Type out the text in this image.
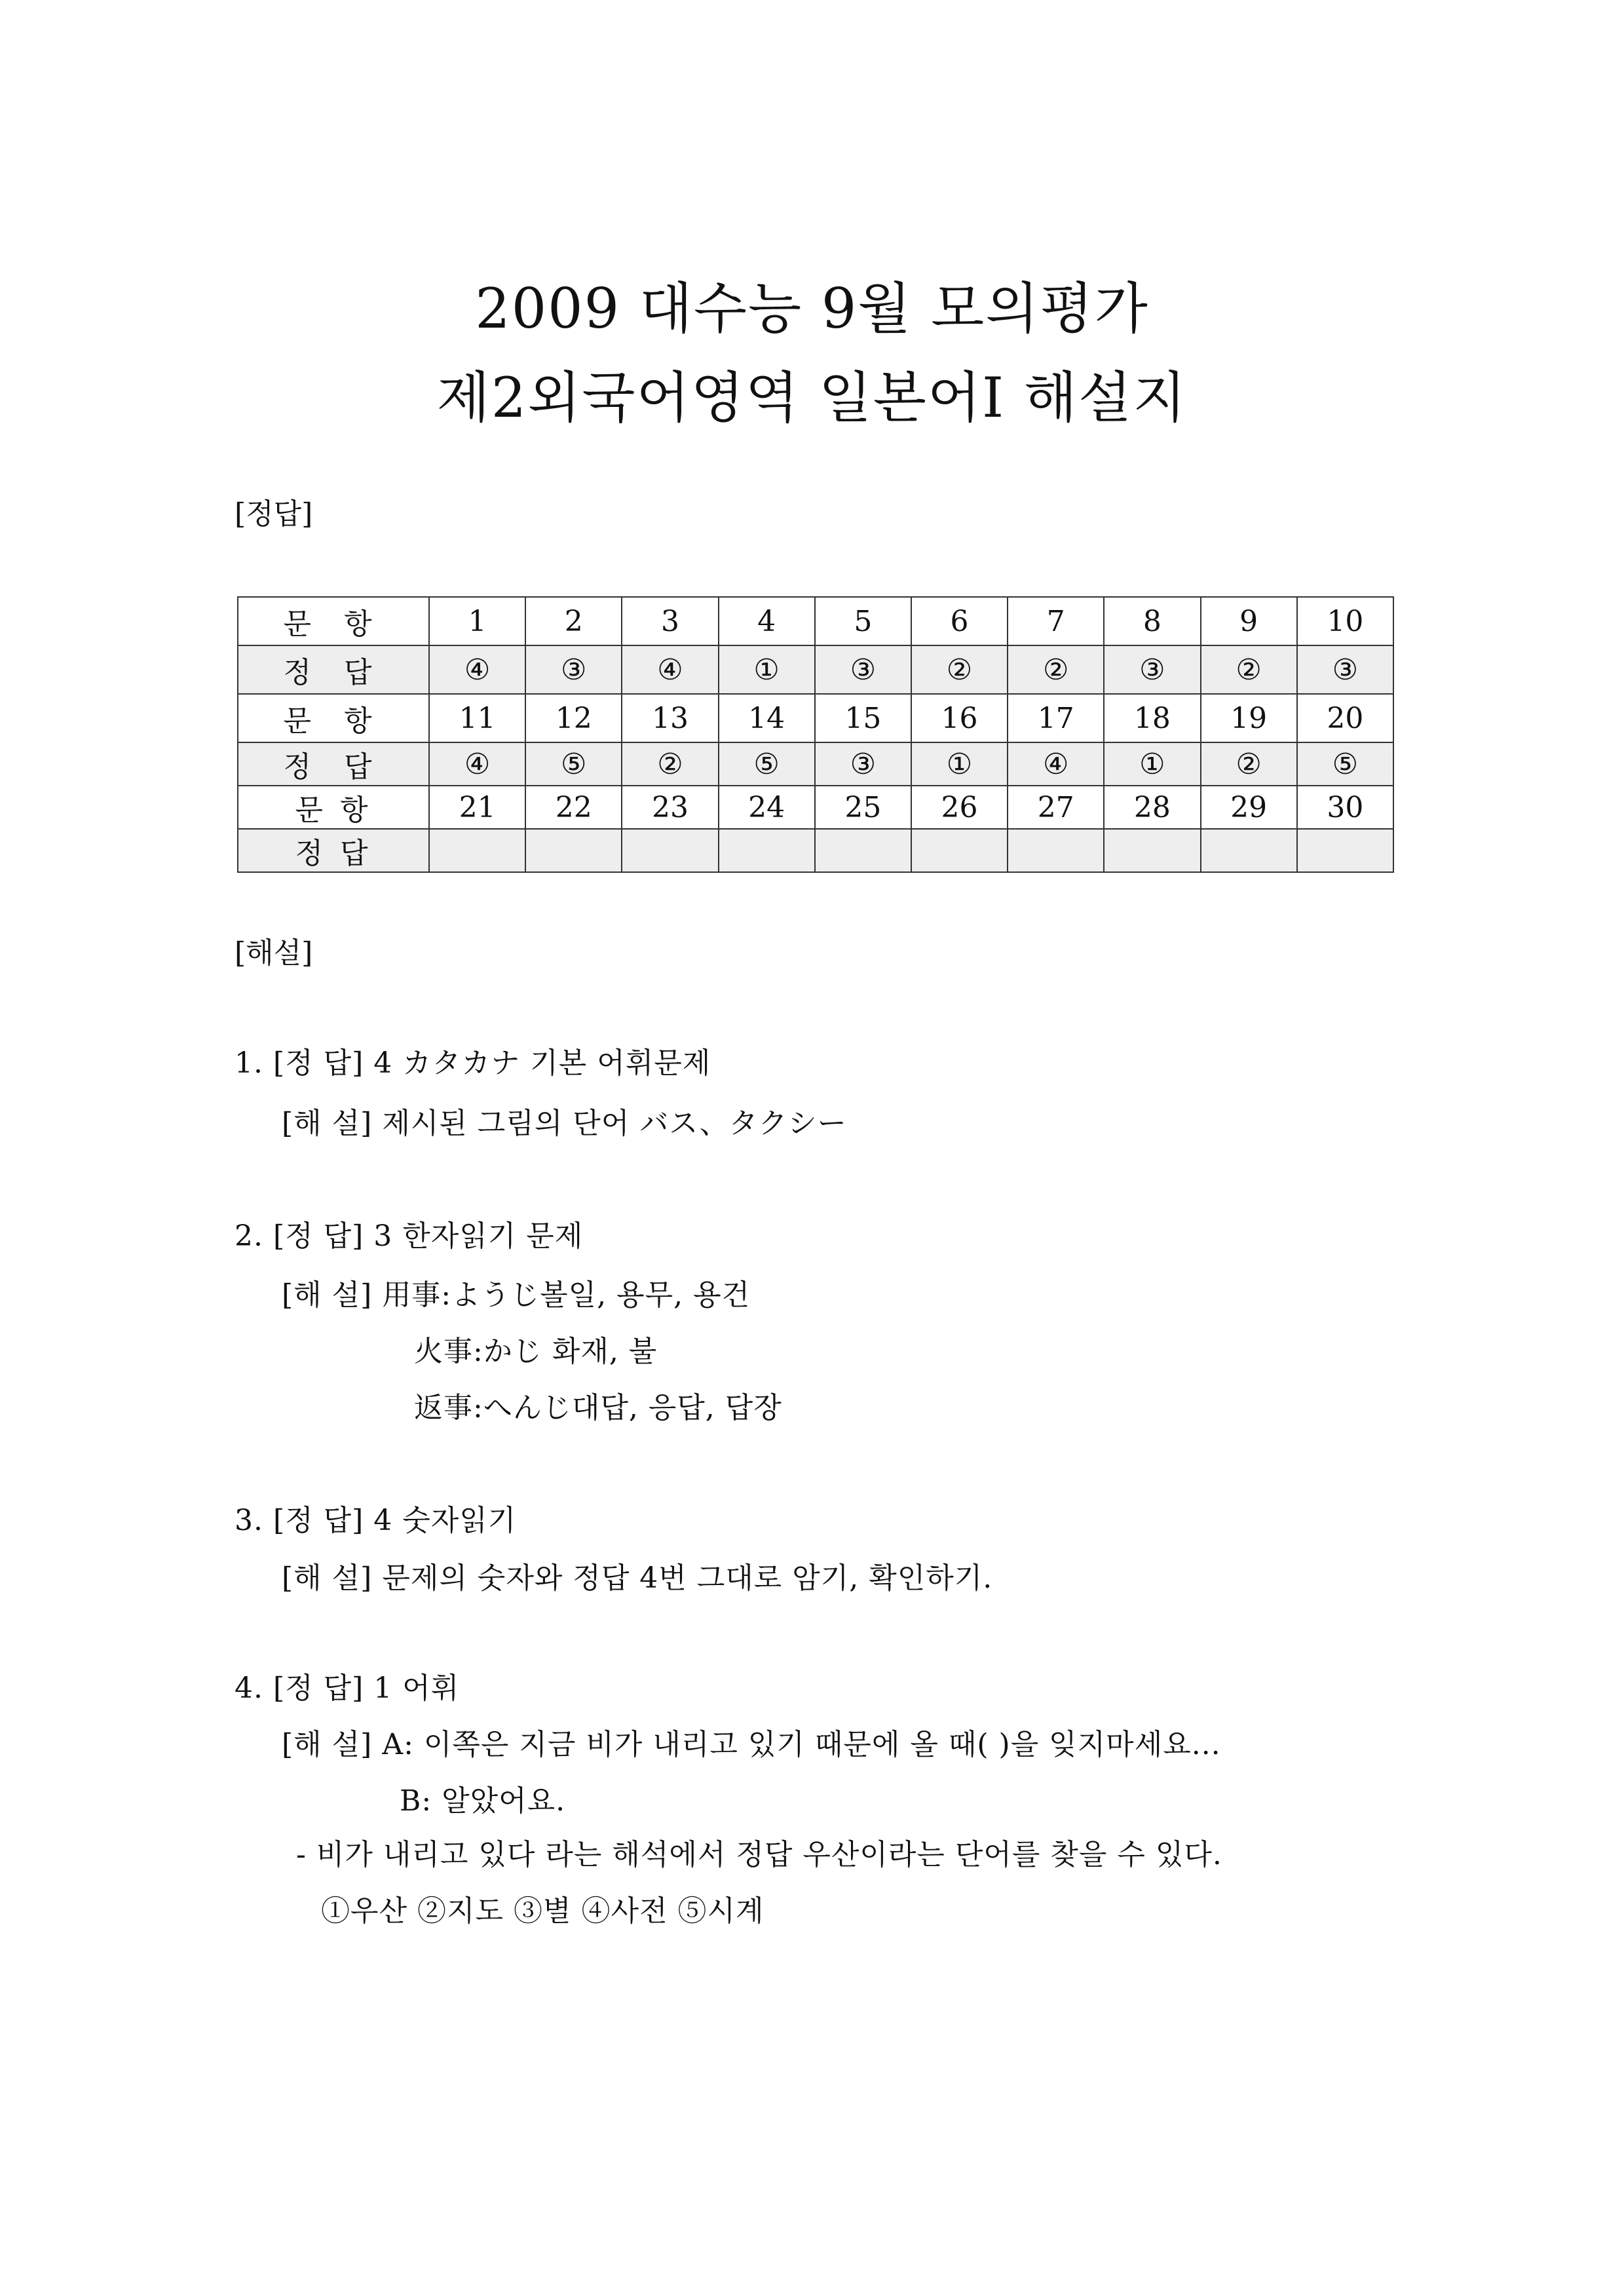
2009 대수능 9월 모의평가
제2외국어영역 일본어Ⅰ 해설지
[정답]
문 항	1	2	3	4	5	6	7	8	9	10
정 답	④	③	④	①	③	②	②	③	②	③
문 항	11	12	13	14	15	16	17	18	19	20
정 답	④	⑤	②	⑤	③	①	④	①	②	⑤
문 항	21	22	23	24	25	26	27	28	29	30
정 답										
[해설]
1. [정 답] 4 カタカナ 기본 어휘문제
[해 설] 제시된 그림의 단어 バス、タクシー
2. [정 답] 3 한자읽기 문제
[해 설] 用事:ようじ볼일, 용무, 용건
火事:かじ 화재, 불
返事:へんじ대답, 응답, 답장
3. [정 답] 4 숫자읽기
[해 설] 문제의 숫자와 정답 4번 그대로 암기, 확인하기.
4. [정 답] 1 어휘
[해 설] A: 이쪽은 지금 비가 내리고 있기 때문에 올 때( )을 잊지마세요...
B: 알았어요.
- 비가 내리고 있다 라는 해석에서 정답 우산이라는 단어를 찾을 수 있다.
①우산 ②지도 ③별 ④사전 ⑤시계
